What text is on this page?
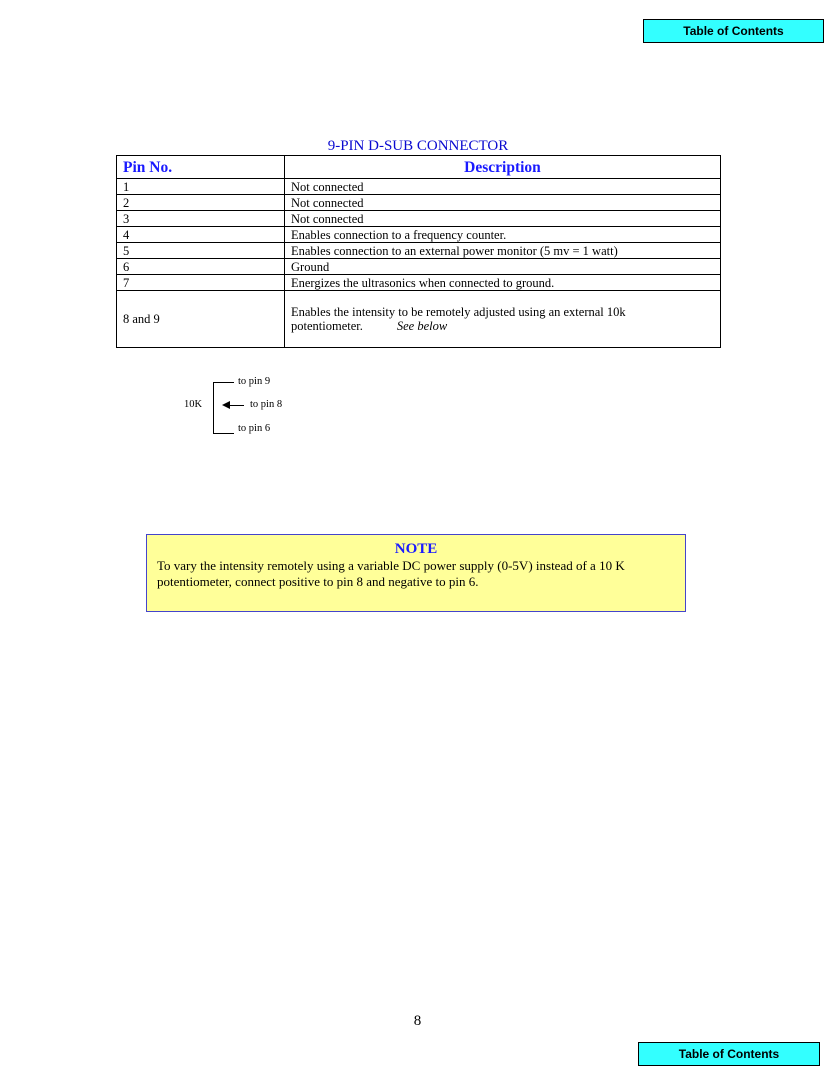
Table of Contents
9-PIN D-SUB CONNECTOR
Pin No.	Description
1	Not connected
2	Not connected
3	Not connected
4	Enables connection to a frequency counter.
5	Enables connection to an external power monitor (5 mv = 1 watt)
6	Ground
7	Energizes the ultrasonics when connected to ground.
8 and 9	Enables the intensity to be remotely adjusted using an external 10k potentiometer. See below
10K
to pin 9
to pin 8
to pin 6
NOTE
To vary the intensity remotely using a variable DC power supply (0-5V) instead of a 10 K potentiometer, connect positive to pin 8 and negative to pin 6.
8
Table of Contents
